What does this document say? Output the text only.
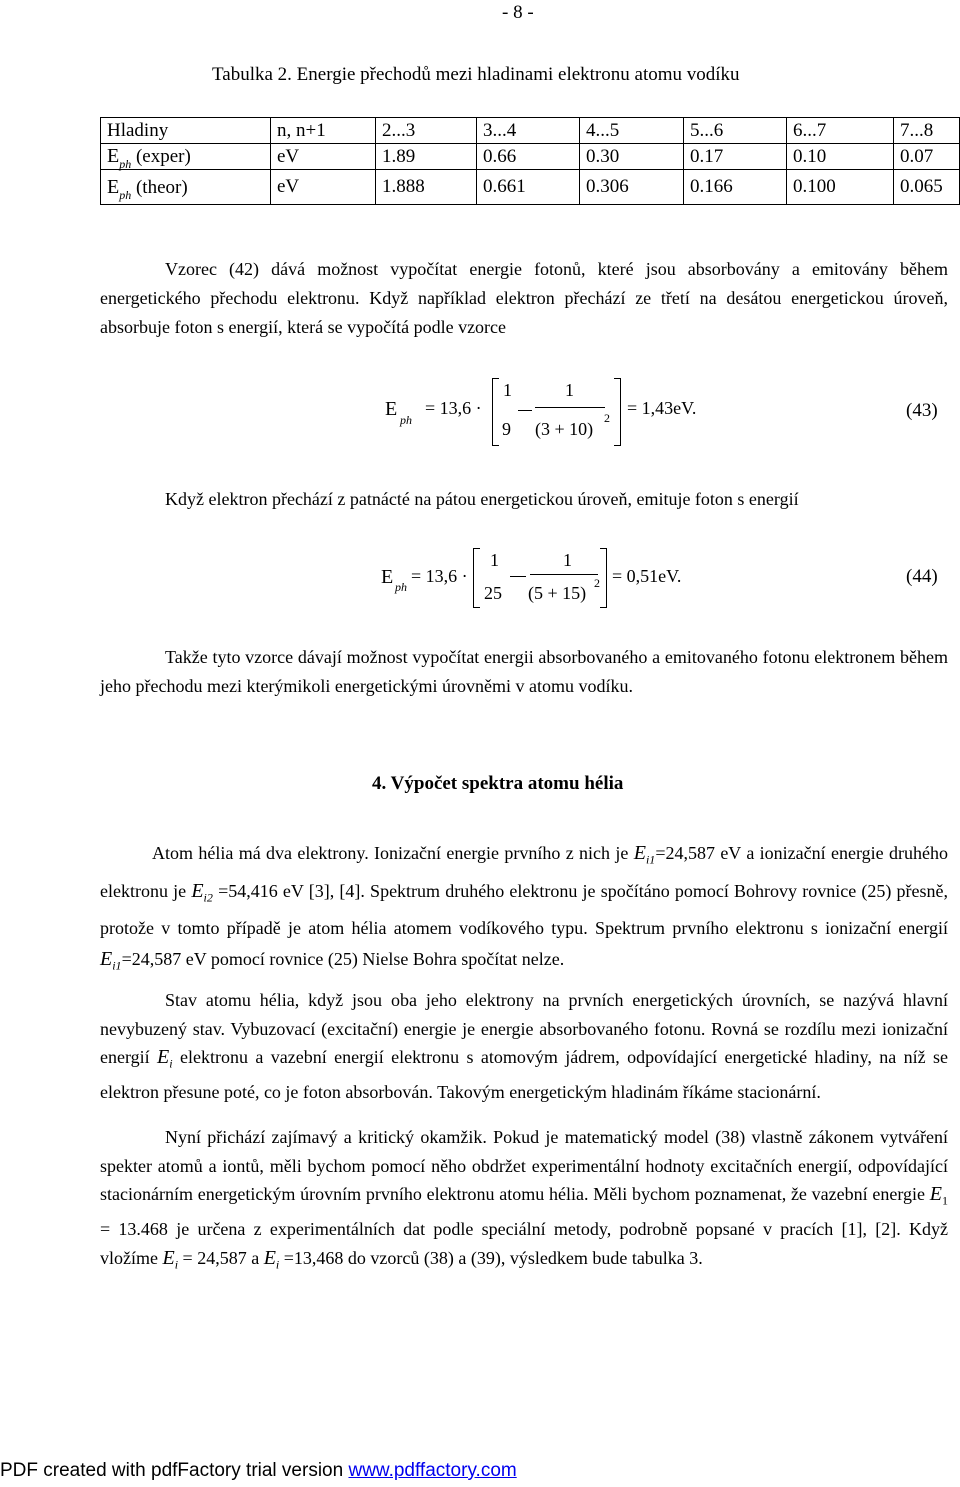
- 8 -
Tabulka 2. Energie přechodů mezi hladinami elektronu atomu vodíku
Hladiny	n, n+1	2...3	3...4	4...5	5...6	6...7	7...8
$E_{ph}$ (exper)	eV	1.89	0.66	0.30	0.17	0.10	0.07
$E_{ph}$ (theor)	eV	1.888	0.661	0.306	0.166	0.100	0.065

Vzorec (42) dává možnost vypočítat energie fotonů, které jsou absorbovány a emitovány během energetického přechodu elektronu. Když například elektron přechází ze třetí na desátou energetickou úroveň, absorbuje foton s energií, která se vypočítá podle vzorce

E ph
= 13,6 ·
1
9
1
(3 + 10)
2 = 1,43eV.	(43)

Když elektron přechází z patnácté na pátou energetickou úroveň, emituje foton s energií

E ph
= 13,6 ·
1
25
1
(5 + 15) 2 = 0,51eV.	(44)

Takže tyto vzorce dávají možnost vypočítat energii absorbovaného a emitovaného fotonu elektronem během jeho přechodu mezi kterýmikoli energetickými úrovněmi v atomu vodíku.

4. Výpočet spektra atomu hélia

Atom hélia má dva elektrony. Ionizační energie prvního z nich je $E_{i1}=24,587$ eV a ionizační energie druhého elektronu je $E_{i2} =54,416$ eV [3], [4]. Spektrum druhého elektronu je spočítáno pomocí Bohrovy rovnice (25) přesně, protože v tomto případě je atom hélia atomem vodíkového typu. Spektrum prvního elektronu s ionizační energií $E_{i1}=24,587$ eV pomocí rovnice (25) Nielse Bohra spočítat nelze.

Stav atomu hélia, když jsou oba jeho elektrony na prvních energetických úrovních, se nazývá hlavní nevybuzený stav. Vybuzovací (excitační) energie je energie absorbovaného fotonu. Rovná se rozdílu mezi ionizační energií $E_i$ elektronu a vazební energií elektronu s atomovým jádrem, odpovídající energetické hladiny, na níž se elektron přesune poté, co je foton absorbován. Takovým energetickým hladinám říkáme stacionární.

Nyní přichází zajímavý a kritický okamžik. Pokud je matematický model (38) vlastně zákonem vytváření spekter atomů a iontů, měli bychom pomocí něho obdržet experimentální hodnoty excitačních energií, odpovídající stacionárním energetickým úrovním prvního elektronu atomu hélia. Měli bychom poznamenat, že vazební energie $E_1 = 13.468$ je určena z experimentálních dat podle speciální metody, podrobně popsané v pracích [1], [2]. Když vložíme $E_i = 24,587$ a $E_i =13,468$ do vzorců (38) a (39), výsledkem bude tabulka 3.

PDF created with pdfFactory trial version www.pdffactory.com
